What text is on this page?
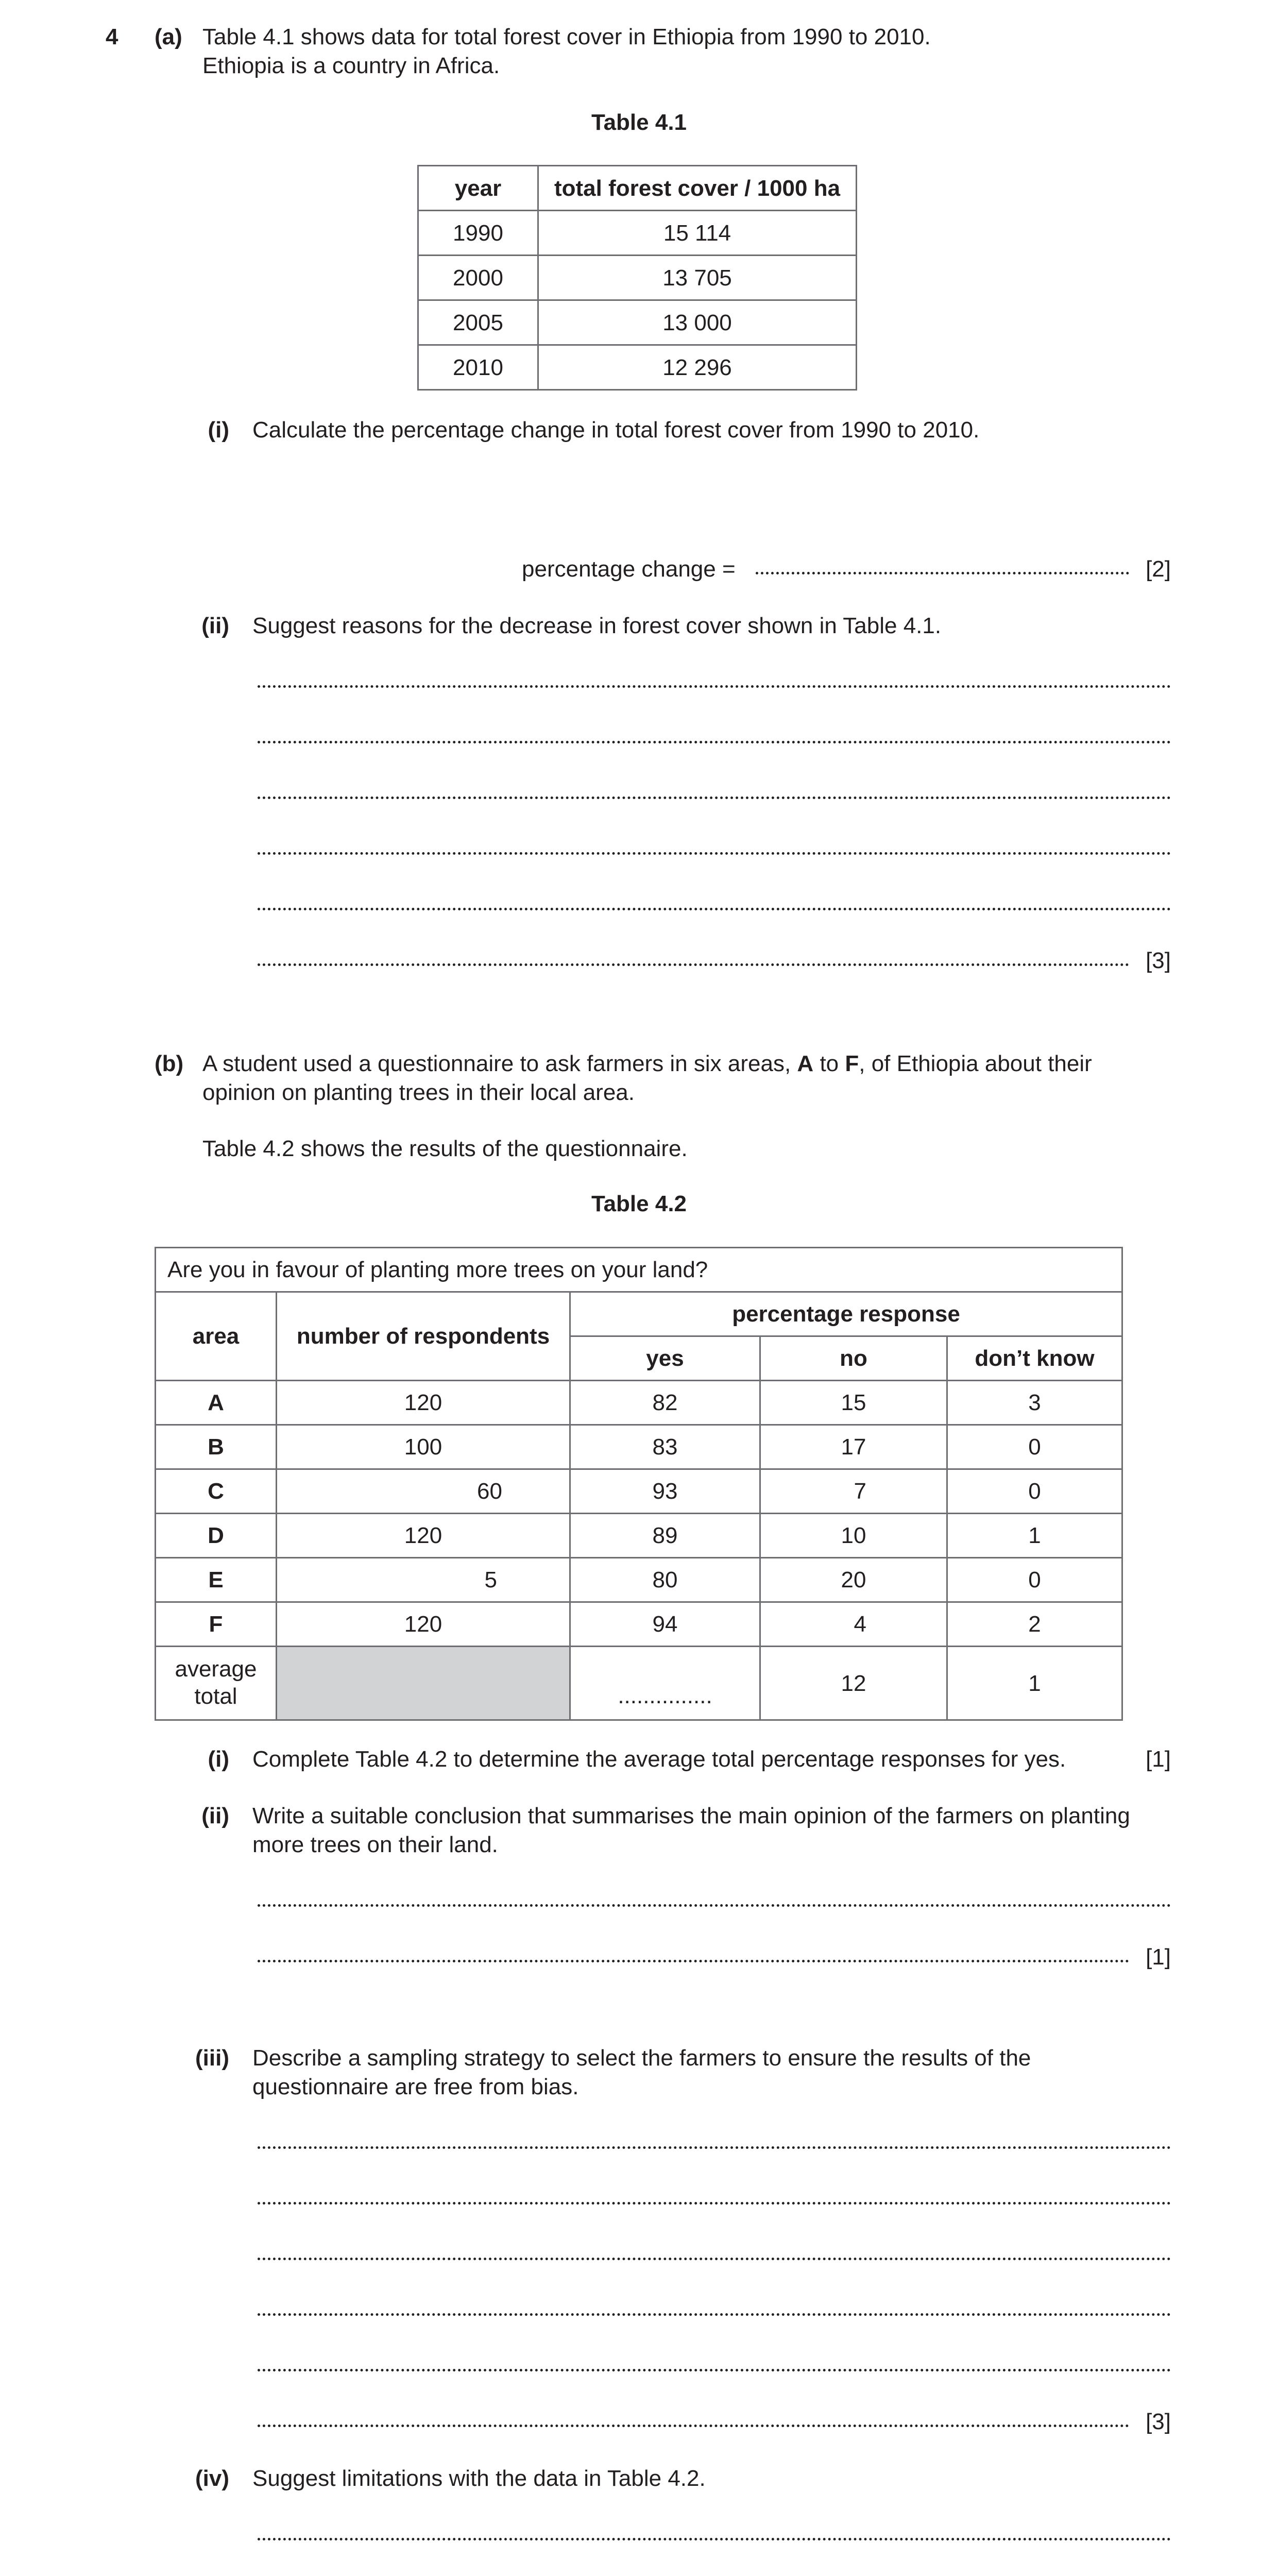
4 (a) Table 4.1 shows data for total forest cover in Ethiopia from 1990 to 2010.
Ethiopia is a country in Africa.
Table 4.1
year	total forest cover / 1000 ha
1990	15 114
2000	13 705
2005	13 000
2010	12 296
(i) Calculate the percentage change in total forest cover from 1990 to 2010.
percentage change =	[2]
(ii) Suggest reasons for the decrease in forest cover shown in Table 4.1.
[3]
(b) A student used a questionnaire to ask farmers in six areas, A to F, of Ethiopia about their
opinion on planting trees in their local area.
Table 4.2 shows the results of the questionnaire.
Table 4.2
Are you in favour of planting more trees on your land?				
area	number of respondents	percentage response		
		yes	no	don’t know
A	120	82	15	3
B	100	83	17	0
C	60	93	7	0
D	120	89	10	1
E	5	80	20	0
F	120	94	4	2
average
total		...............	12	1
(i) Complete Table 4.2 to determine the average total percentage responses for yes.	[1]
(ii) Write a suitable conclusion that summarises the main opinion of the farmers on planting
more trees on their land.
[1]
(iii) Describe a sampling strategy to select the farmers to ensure the results of the
questionnaire are free from bias.
[3]
(iv) Suggest limitations with the data in Table 4.2.
